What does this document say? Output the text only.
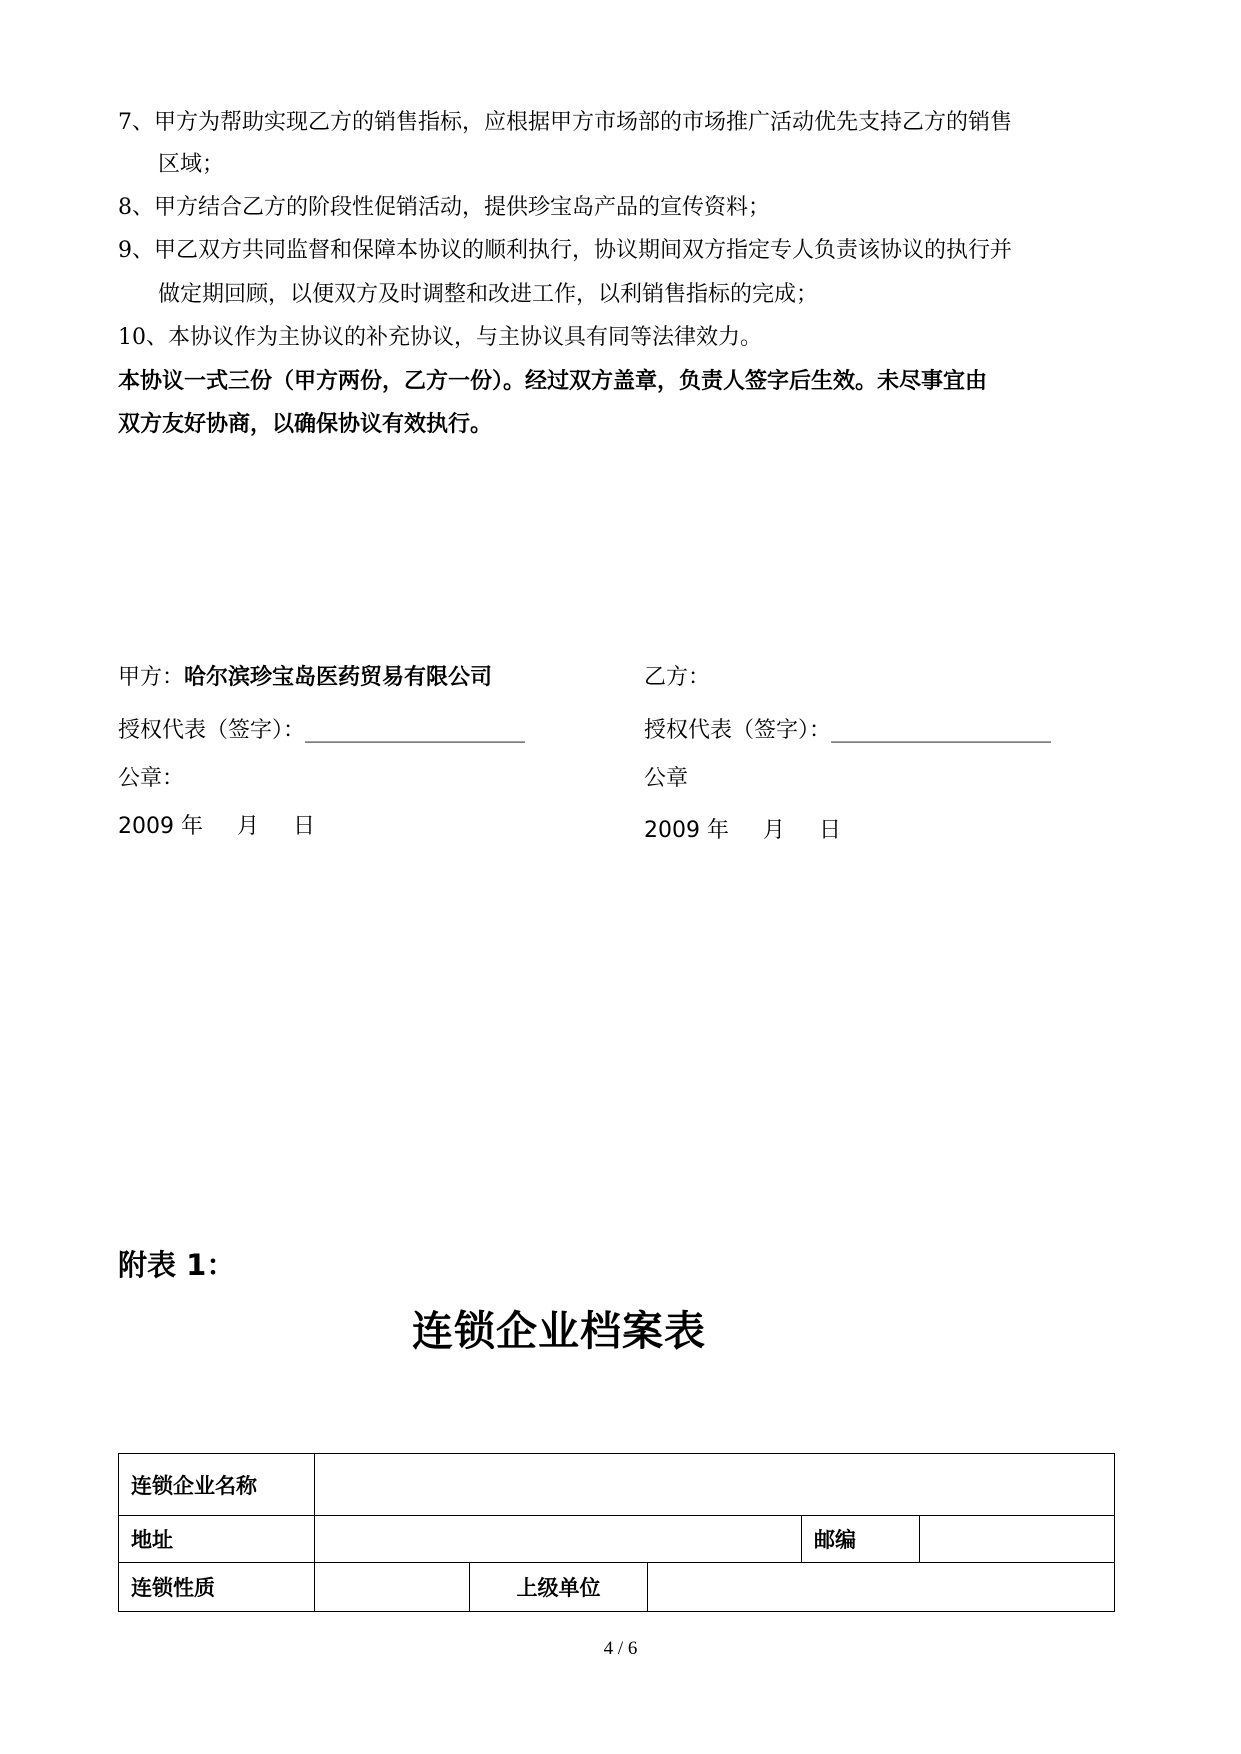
7、甲方为帮助实现乙方的销售指标，应根据甲方市场部的市场推广活动优先支持乙方的销售
区域；
8、甲方结合乙方的阶段性促销活动，提供珍宝岛产品的宣传资料；
9、甲乙双方共同监督和保障本协议的顺利执行，协议期间双方指定专人负责该协议的执行并
做定期回顾，以便双方及时调整和改进工作，以利销售指标的完成；
10、本协议作为主协议的补充协议，与主协议具有同等法律效力。
本协议一式三份（甲方两份，乙方一份）。经过双方盖章，负责人签字后生效。未尽事宜由
双方友好协商，以确保协议有效执行。
甲方：哈尔滨珍宝岛医药贸易有限公司	乙方：
授权代表（签字）：____________________	授权代表（签字）：____________________
公章：	公章
2009 年 月 日	2009 年 月 日
附表 1：
连锁企业档案表
连锁企业名称					
地址				邮编	
连锁性质		上级单位			
4 / 6
